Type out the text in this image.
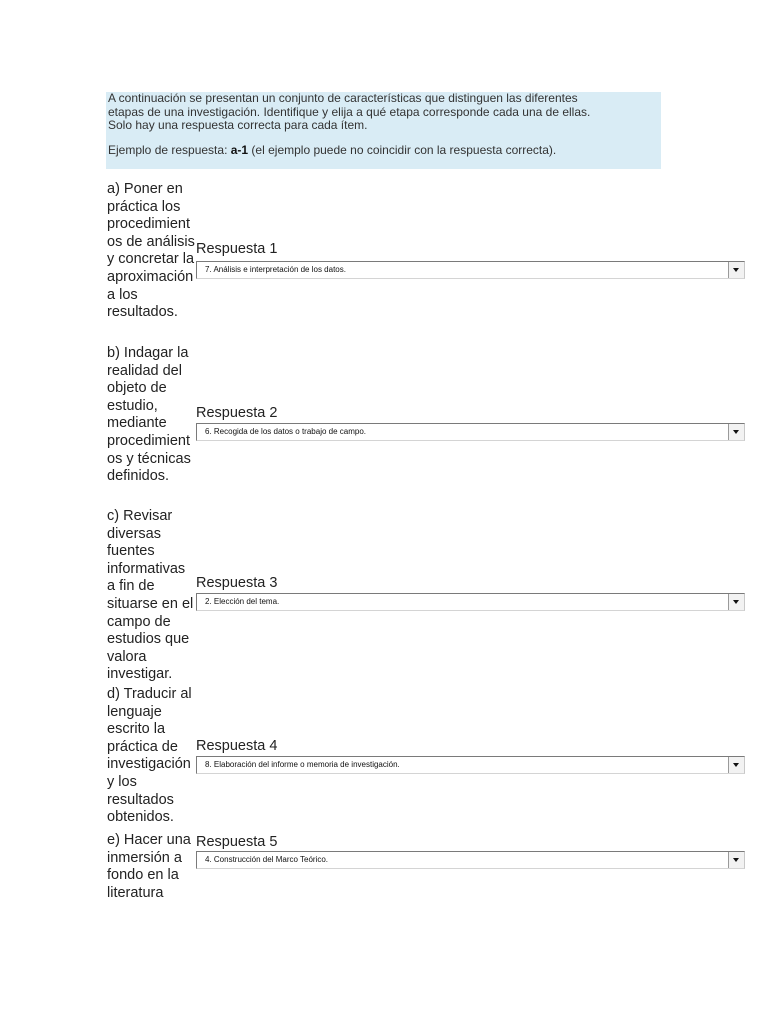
A continuación se presentan un conjunto de características que distinguen las diferentes

etapas de una investigación. Identifique y elija a qué etapa corresponde cada una de ellas.

Solo hay una respuesta correcta para cada ítem.

Ejemplo de respuesta: a-1 (el ejemplo puede no coincidir con la respuesta correcta).

a) Poner en práctica los procedimientos de análisis y concretar la aproximación a los resultados.
Respuesta 1
7. Análisis e interpretación de los datos.
b) Indagar la realidad del objeto de estudio, mediante procedimientos y técnicas definidos.
Respuesta 2
6. Recogida de los datos o trabajo de campo.
c) Revisar diversas fuentes informativas a fin de situarse en el campo de estudios que valora investigar.
Respuesta 3
2. Elección del tema.
d) Traducir al lenguaje escrito la práctica de investigación y los resultados obtenidos.
Respuesta 4
8. Elaboración del informe o memoria de investigación.
e) Hacer una inmersión a fondo en la literatura
Respuesta 5
4. Construcción del Marco Teórico.
